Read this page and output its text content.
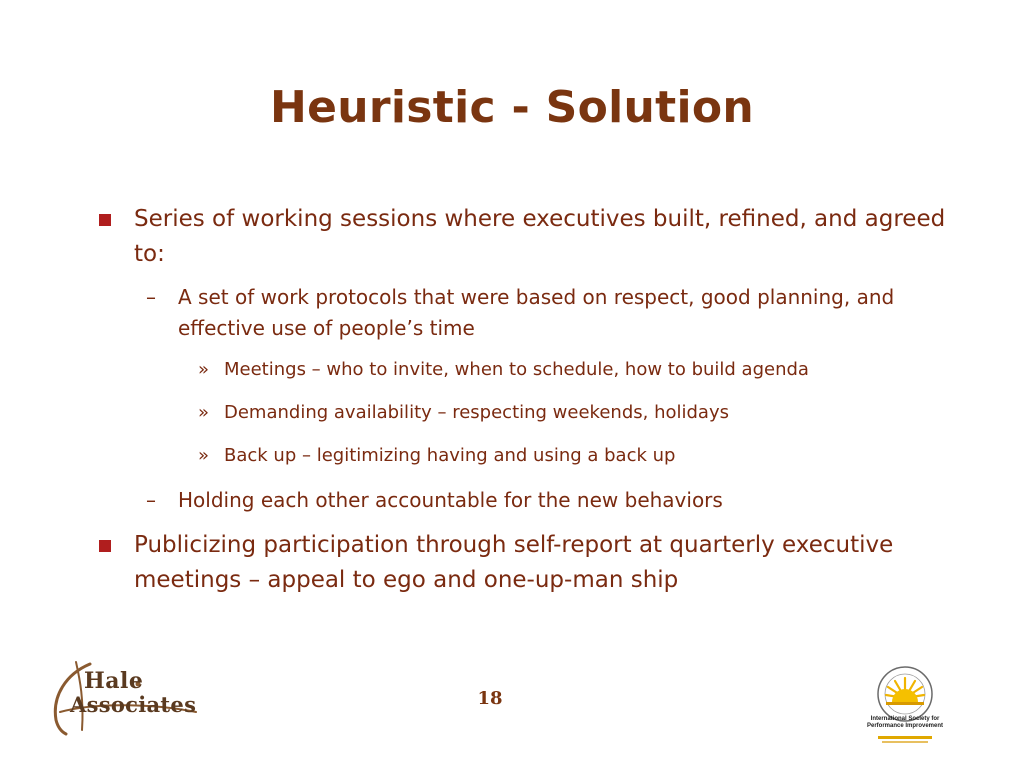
Heuristic - Solution
Series of working sessions where executives built, refined, and agreed to:
– A set of work protocols that were based on respect, good planning, and effective use of people’s time
» Meetings – who to invite, when to schedule, how to build agenda
» Demanding availability – respecting weekends, holidays
» Back up – legitimizing having and using a back up
– Holding each other accountable for the new behaviors
Publicizing participation through self-report at quarterly executive meetings – appeal to ego and one-up-man ship
Hale
Associates	18
International Society for
Performance Improvement
